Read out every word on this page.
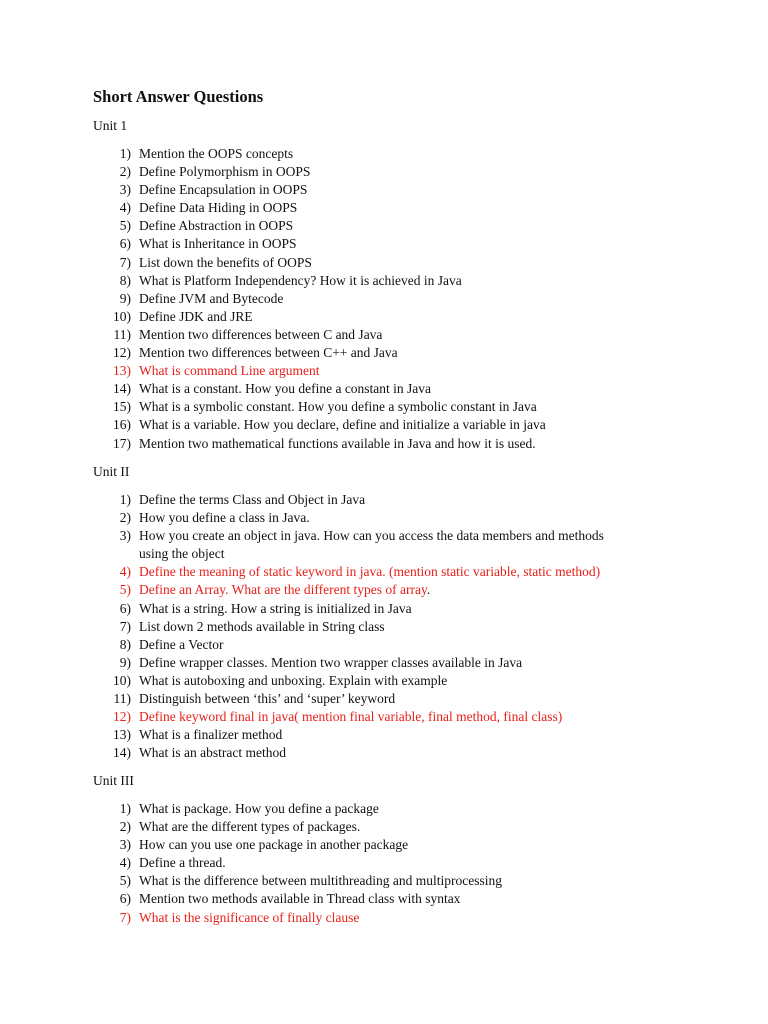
Short Answer Questions
Unit 1
1) Mention the OOPS concepts
2) Define Polymorphism in OOPS
3) Define Encapsulation in OOPS
4) Define Data Hiding in OOPS
5) Define Abstraction in OOPS
6) What is Inheritance in OOPS
7) List down the benefits of OOPS
8) What is Platform Independency? How it is achieved in Java
9) Define JVM and Bytecode
10) Define JDK and JRE
11) Mention two differences between C and Java
12) Mention two differences between C++ and Java
13) What is command Line argument
14) What is a constant. How you define a constant in Java
15) What is a symbolic constant. How you define a symbolic constant in Java
16) What is a variable. How you declare, define and initialize a variable in java
17) Mention two mathematical functions available in Java and how it is used.
Unit II
1) Define the terms Class and Object in Java
2) How you define a class in Java.
3) How you create an object in java. How can you access the data members and methods
using the object
4) Define the meaning of static keyword in java. (mention static variable, static method)
5) Define an Array. What are the different types of array.
6) What is a string. How a string is initialized in Java
7) List down 2 methods available in String class
8) Define a Vector
9) Define wrapper classes. Mention two wrapper classes available in Java
10) What is autoboxing and unboxing. Explain with example
11) Distinguish between ‘this’ and ‘super’ keyword
12) Define keyword final in java( mention final variable, final method, final class)
13) What is a finalizer method
14) What is an abstract method
Unit III
1) What is package. How you define a package
2) What are the different types of packages.
3) How can you use one package in another package
4) Define a thread.
5) What is the difference between multithreading and multiprocessing
6) Mention two methods available in Thread class with syntax
7) What is the significance of finally clause
